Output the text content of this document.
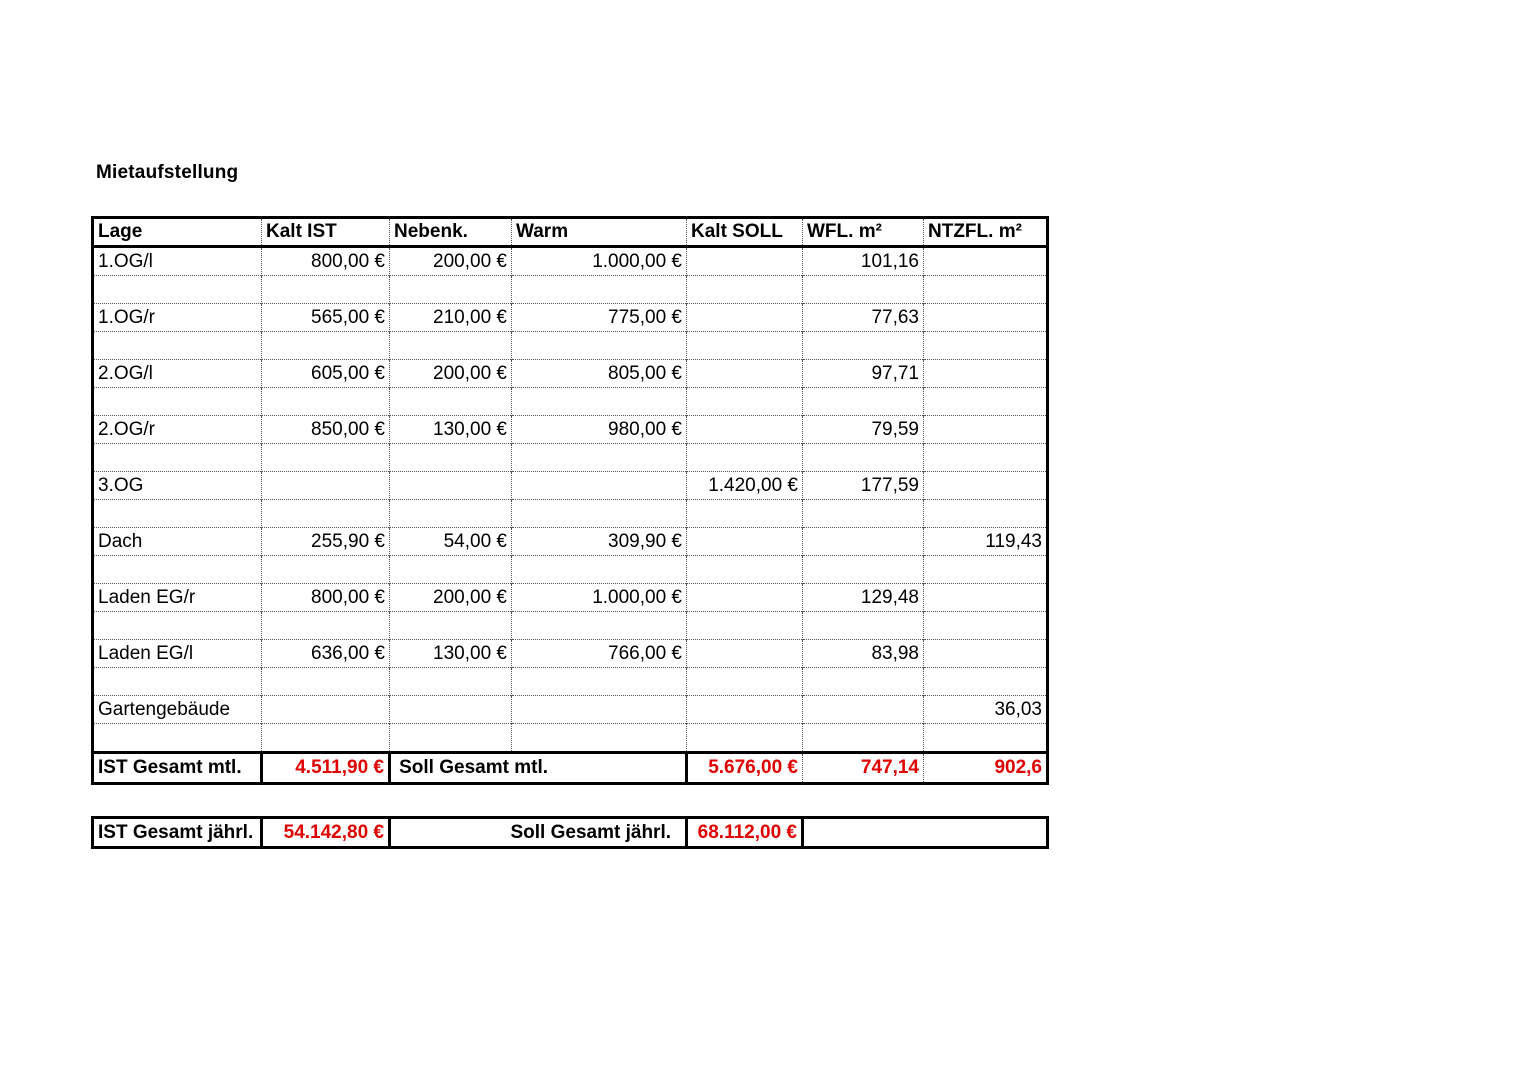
Mietaufstellung
Lage	Kalt IST	Nebenk.	Warm	Kalt SOLL	WFL. m²	NTZFL. m²
1.OG/l	800,00 €	200,00 €	1.000,00 €		101,16	

1.OG/r	565,00 €	210,00 €	775,00 €		77,63	

2.OG/l	605,00 €	200,00 €	805,00 €		97,71	

2.OG/r	850,00 €	130,00 €	980,00 €		79,59	

3.OG				1.420,00 €	177,59	

Dach	255,90 €	54,00 €	309,90 €			119,43

Laden EG/r	800,00 €	200,00 €	1.000,00 €		129,48	

Laden EG/l	636,00 €	130,00 €	766,00 €		83,98	

Gartengebäude						36,03

IST Gesamt mtl.	4.511,90 €	Soll Gesamt mtl.		5.676,00 €	747,14	902,6
IST Gesamt jährl.	54.142,80 €	Soll Gesamt jährl.	68.112,00 €	
